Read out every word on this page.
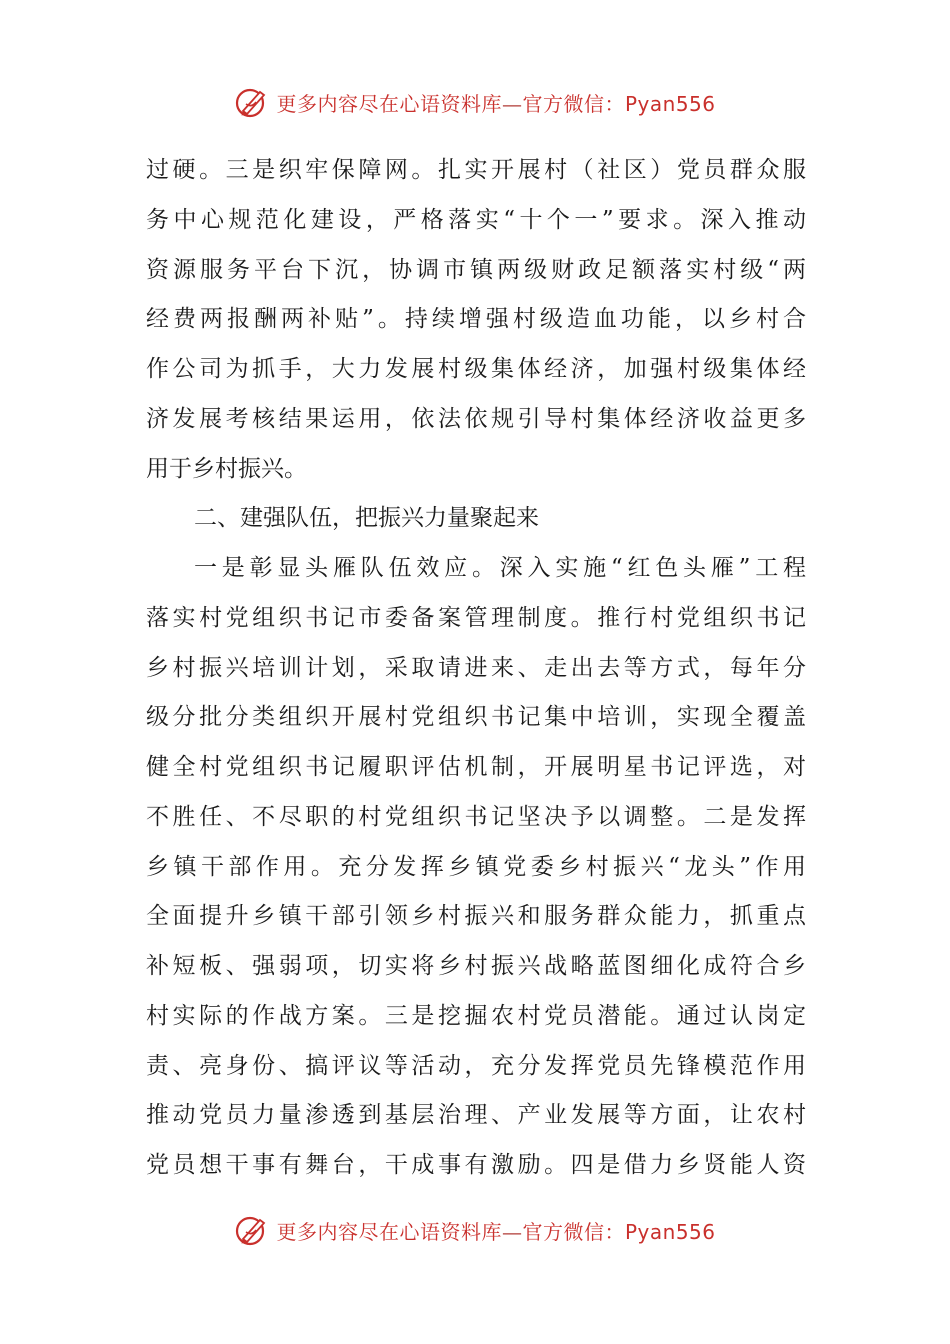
更多内容尽在心语资料库—官方微信：Pyan556
过硬。三是织牢保障网。扎实开展村（社区）党员群众服
务中心规范化建设，严格落实“十个一”要求。深入推动
资源服务平台下沉，协调市镇两级财政足额落实村级“两
经费两报酬两补贴”。持续增强村级造血功能，以乡村合
作公司为抓手，大力发展村级集体经济，加强村级集体经
济发展考核结果运用，依法依规引导村集体经济收益更多
用于乡村振兴。
二、建强队伍，把振兴力量聚起来
一是彰显头雁队伍效应。深入实施“红色头雁”工程
落实村党组织书记市委备案管理制度。推行村党组织书记
乡村振兴培训计划，采取请进来、走出去等方式，每年分
级分批分类组织开展村党组织书记集中培训，实现全覆盖
健全村党组织书记履职评估机制，开展明星书记评选，对
不胜任、不尽职的村党组织书记坚决予以调整。二是发挥
乡镇干部作用。充分发挥乡镇党委乡村振兴“龙头”作用
全面提升乡镇干部引领乡村振兴和服务群众能力，抓重点
补短板、强弱项，切实将乡村振兴战略蓝图细化成符合乡
村实际的作战方案。三是挖掘农村党员潜能。通过认岗定
责、亮身份、搞评议等活动，充分发挥党员先锋模范作用
推动党员力量渗透到基层治理、产业发展等方面，让农村
党员想干事有舞台，干成事有激励。四是借力乡贤能人资
更多内容尽在心语资料库—官方微信：Pyan556
